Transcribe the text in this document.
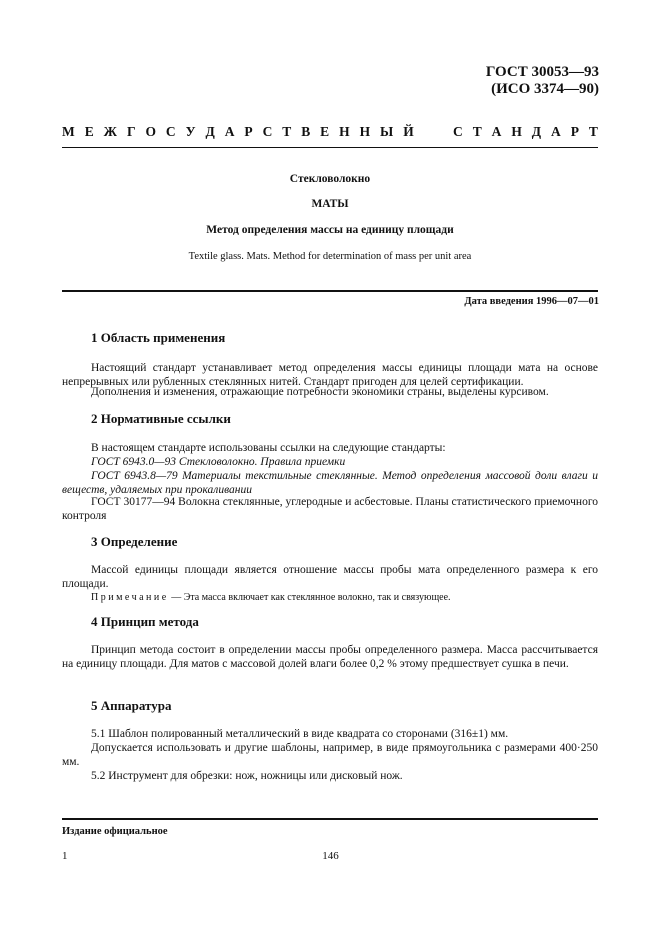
ГОСТ 30053—93
(ИСО 3374—90)
М Е Ж Г О С У Д А Р С Т В Е Н Н Ы Й	С Т А Н Д А Р Т
Стекловолокно
МАТЫ
Метод определения массы на единицу площади
Textile glass. Mats. Method for determination of mass per unit area
Дата введения 1996—07—01
1 Область применения
Настоящий стандарт устанавливает метод определения массы единицы площади мата на основе непрерывных или рубленных стеклянных нитей. Стандарт пригоден для целей сертификации.
Дополнения и изменения, отражающие потребности экономики страны, выделены курсивом.
2 Нормативные ссылки
В настоящем стандарте использованы ссылки на следующие стандарты:
ГОСТ 6943.0—93 Стекловолокно. Правила приемки
ГОСТ 6943.8—79 Материалы текстильные стеклянные. Метод определения массовой доли влаги и веществ, удаляемых при прокаливании
ГОСТ 30177—94 Волокна стеклянные, углеродные и асбестовые. Планы статистического приемочного контроля
3 Определение
Массой единицы площади является отношение массы пробы мата определенного размера к его площади.
Примечание — Эта масса включает как стеклянное волокно, так и связующее.
4 Принцип метода
Принцип метода состоит в определении массы пробы определенного размера. Масса рассчитывается на единицу площади. Для матов с массовой долей влаги более 0,2 % этому предшествует сушка в печи.
5 Аппаратура
5.1 Шаблон полированный металлический в виде квадрата со сторонами (316±1) мм.
Допускается использовать и другие шаблоны, например, в виде прямоугольника с размерами 400·250 мм.
5.2 Инструмент для обрезки: нож, ножницы или дисковый нож.
Издание официальное
1	146
